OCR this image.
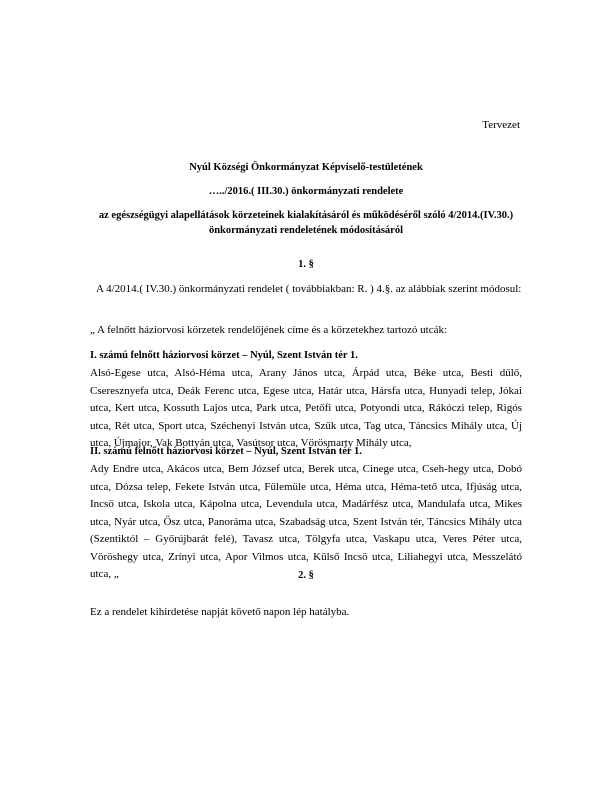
Tervezet
Nyúl Községi Önkormányzat Képviselő-testületének
…../2016.( III.30.) önkormányzati rendelete
az egészségügyi alapellátások körzeteinek kialakításáról és működéséről szóló 4/2014.(IV.30.) önkormányzati rendeletének módosításáról
1. §
A 4/2014.( IV.30.) önkormányzati rendelet ( továbbiakban: R. ) 4.§. az alábbiak szerint módosul:
„ A felnőtt háziorvosi körzetek rendelőjének címe és a körzetekhez tartozó utcák:
I. számú felnőtt háziorvosi körzet – Nyúl, Szent István tér 1.
Alsó-Egese utca, Alsó-Héma utca, Arany János utca, Árpád utca, Béke utca, Besti dűlő, Cseresznyefa utca, Deák Ferenc utca, Egese utca, Határ utca, Hársfa utca, Hunyadi telep, Jókai utca, Kert utca, Kossuth Lajos utca, Park utca, Petőfi utca, Potyondi utca, Rákóczi telep, Rigós utca, Rét utca, Sport utca, Széchenyi István utca, Szűk utca, Tag utca, Táncsics Mihály utca, Új utca, Újmajor, Vak Bottyán utca, Vasútsor utca, Vörösmarty Mihály utca,
II. számú felnőtt háziorvosi körzet – Nyúl, Szent István tér 1.
Ady Endre utca, Akácos utca, Bem József utca, Berek utca, Cinege utca, Cseh-hegy utca, Dobó utca, Dózsa telep, Fekete István utca, Fülemüle utca, Héma utca, Héma-tető utca, Ifjúság utca, Incsö utca, Iskola utca, Kápolna utca, Levendula utca, Madárfész utca, Mandulafa utca, Mikes utca, Nyár utca, Ősz utca, Panoráma utca, Szabadság utca, Szent István tér, Táncsics Mihály utca (Szentiktól – Győrújbarát felé), Tavasz utca, Tölgyfa utca, Vaskapu utca, Veres Péter utca, Vöröshegy utca, Zrínyi utca, Apor Vilmos utca, Külső Incsö utca, Liliahegyi utca, Messzelátó utca, „	2. §
Ez a rendelet kihirdetése napját követő napon lép hatályba.
